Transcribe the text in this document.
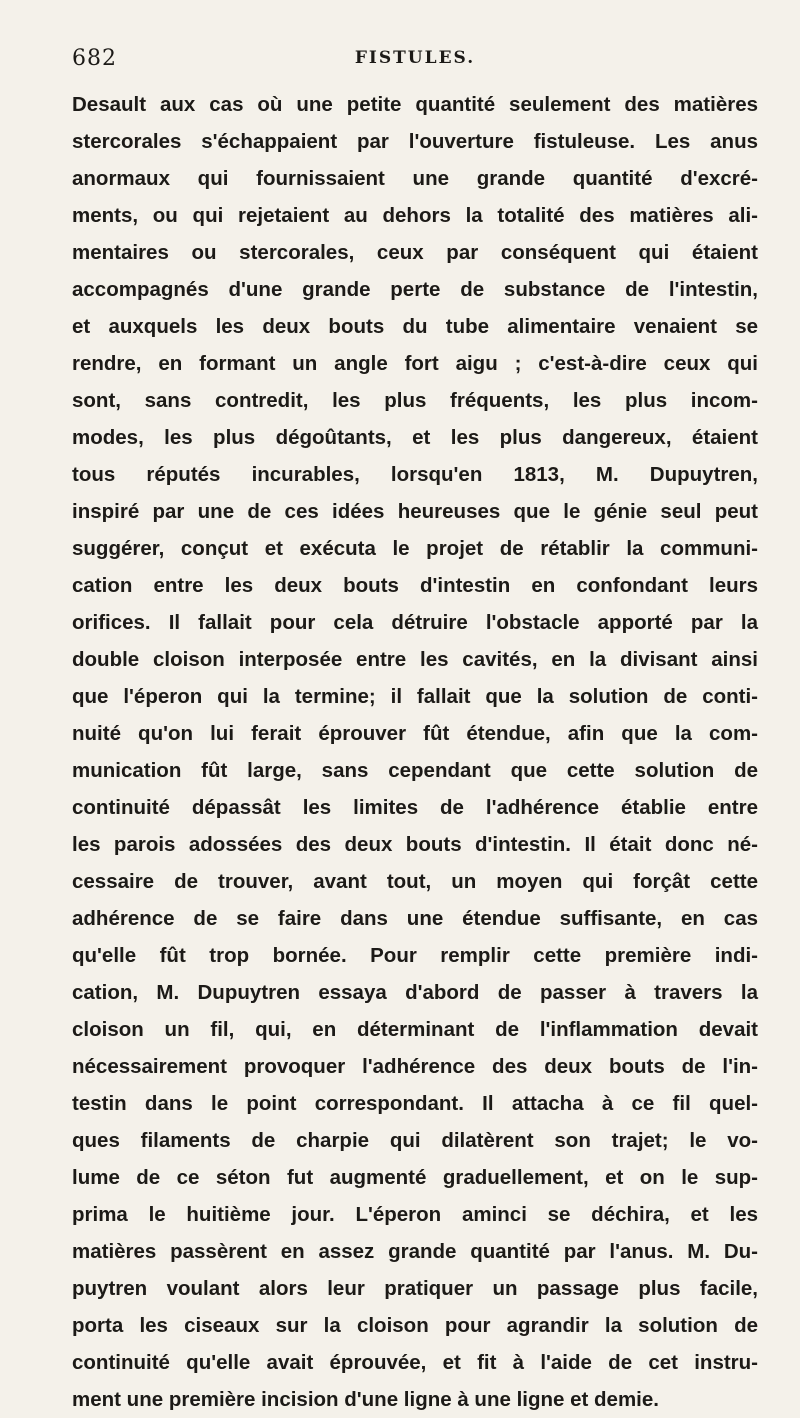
682	FISTULES.
Desault aux cas où une petite quantité seulement des matières
stercorales s'échappaient par l'ouverture fistuleuse. Les anus
anormaux qui fournissaient une grande quantité d'excré-
ments, ou qui rejetaient au dehors la totalité des matières ali-
mentaires ou stercorales, ceux par conséquent qui étaient
accompagnés d'une grande perte de substance de l'intestin,
et auxquels les deux bouts du tube alimentaire venaient se
rendre, en formant un angle fort aigu ; c'est-à-dire ceux qui
sont, sans contredit, les plus fréquents, les plus incom-
modes, les plus dégoûtants, et les plus dangereux, étaient
tous réputés incurables, lorsqu'en 1813, M. Dupuytren,
inspiré par une de ces idées heureuses que le génie seul peut
suggérer, conçut et exécuta le projet de rétablir la communi-
cation entre les deux bouts d'intestin en confondant leurs
orifices. Il fallait pour cela détruire l'obstacle apporté par la
double cloison interposée entre les cavités, en la divisant ainsi
que l'éperon qui la termine; il fallait que la solution de conti-
nuité qu'on lui ferait éprouver fût étendue, afin que la com-
munication fût large, sans cependant que cette solution de
continuité dépassât les limites de l'adhérence établie entre
les parois adossées des deux bouts d'intestin. Il était donc né-
cessaire de trouver, avant tout, un moyen qui forçât cette
adhérence de se faire dans une étendue suffisante, en cas
qu'elle fût trop bornée. Pour remplir cette première indi-
cation, M. Dupuytren essaya d'abord de passer à travers la
cloison un fil, qui, en déterminant de l'inflammation devait
nécessairement provoquer l'adhérence des deux bouts de l'in-
testin dans le point correspondant. Il attacha à ce fil quel-
ques filaments de charpie qui dilatèrent son trajet; le vo-
lume de ce séton fut augmenté graduellement, et on le sup-
prima le huitième jour. L'éperon aminci se déchira, et les
matières passèrent en assez grande quantité par l'anus. M. Du-
puytren voulant alors leur pratiquer un passage plus facile,
porta les ciseaux sur la cloison pour agrandir la solution de
continuité qu'elle avait éprouvée, et fit à l'aide de cet instru-
ment une première incision d'une ligne à une ligne et demie.
